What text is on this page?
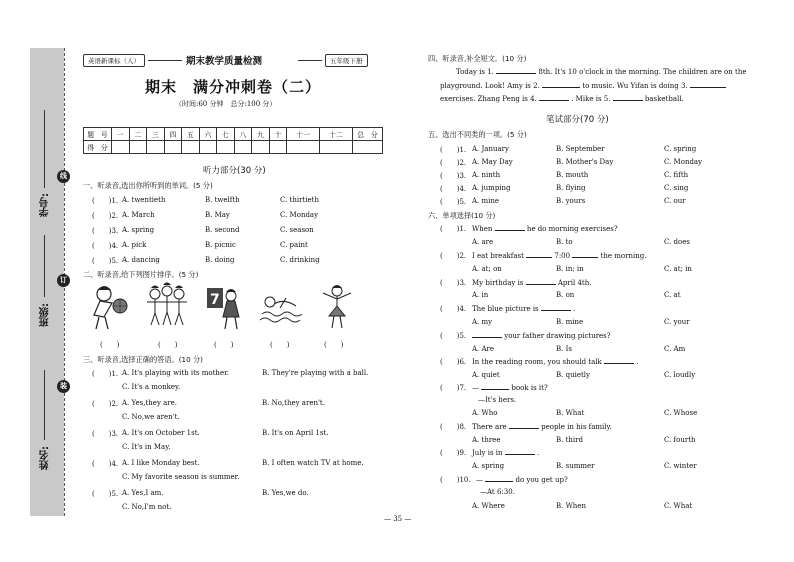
姓名:
班级:
学号:
线
订
装
英语新课标（人）	期末教学质量检测	五年级下册
期末　满分冲刺卷（二）
（时间:60 分钟　总分:100 分）
题　号	一	二	三	四	五	六	七	八	九	十	十一	十二	总　分
得　分													
听力部分(30 分)
一、听录音,选出你所听到的单词。(5 分)
(　　)1. A. twentieth	B. twelfth	C. thirtieth
(　　)2. A. March	B. May	C. Monday
(　　)3. A. spring	B. second	C. season
(　　)4. A. pick	B. picnic	C. paint
(　　)5. A. dancing	B. doing	C. drinking
二、听录音,给下列图片排序。(5 分)
7
(　　)	(　　)	(　　)	(　　)	(　　)
三、听录音,选择正确的答语。(10 分)
(　　)1. A. It's playing with its mother.	B. They're playing with a ball.
C. It's a monkey.
(　　)2. A. Yes,they are.	B. No,they aren't.
C. No,we aren't.
(　　)3. A. It's on October 1st.	B. It's on April 1st.
C. It's in May.
(　　)4. A. I like Monday best.	B. I often watch TV at home.
C. My favorite season is summer.
(　　)5. A. Yes,I am.	B. Yes,we do.
C. No,I'm not.
四、听录音,补全短文。(10 分)
Today is 1.	8th. It's 10 o'clock in the morning. The children are on the
playground. Look! Amy is 2.	to music. Wu Yifan is doing 3.
exercises. Zhang Peng is 4.	. Mike is 5.	basketball.
笔试部分(70 分)
五、选出不同类的一项。(5 分)
(　　)1. A. January	B. September	C. spring
(　　)2. A. May Day	B. Mother's Day	C. Monday
(　　)3. A. ninth	B. mouth	C. fifth
(　　)4. A. jumping	B. flying	C. sing
(　　)5. A. mine	B. yours	C. our
六、单项选择(10 分)
(　　)1. When	he do morning exercises?
A. are	B. to	C. does
(　　)2. I eat breakfast	7:00	the morning.
A. at; on	B. in; in	C. at; in
(　　)3. My birthday is	April 4th.
A. in	B. on	C. at
(　　)4. The blue picture is	.
A. my	B. mine	C. your
(　　)5.	your father drawing pictures?
A. Are	B. Is	C. Am
(　　)6. In the reading room, you should talk	.
A. quiet	B. quietly	C. loudly
(　　)7. —	book is it?
—It's hers.
A. Who	B. What	C. Whose
(　　)8. There are	people in his family.
A. three	B. third	C. fourth
(　　)9. July is in	.
A. spring	B. summer	C. winter
(　　)10. —	do you get up?
—At 6:30.
A. Where	B. When	C. What
— 35 —
